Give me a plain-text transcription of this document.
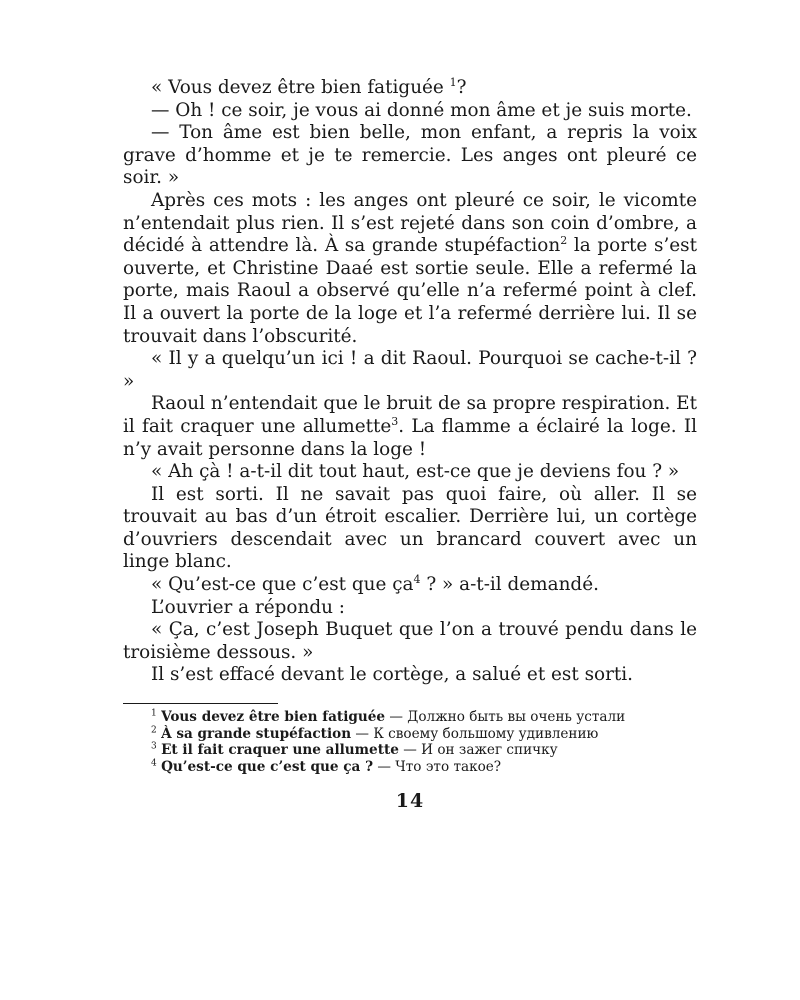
« Vous devez être bien fatiguée $^1$?

— Oh ! ce soir, je vous ai donné mon âme et je suis morte.

— Ton âme est bien belle, mon enfant, a repris la voix grave d’homme et je te remercie. Les anges ont pleuré ce soir. »

Après ces mots : les anges ont pleuré ce soir, le vicomte n’entendait plus rien. Il s’est rejeté dans son coin d’ombre, a décidé à attendre là. À sa grande stupéfaction$^2$ la porte s’est ouverte, et Christine Daaé est sortie seule. Elle a refermé la porte, mais Raoul a observé qu’elle n’a refermé point à clef. Il a ouvert la porte de la loge et l’a refermé derrière lui. Il se trouvait dans l’obscurité.

« Il y a quelqu’un ici ! a dit Raoul. Pourquoi se cache-t-il ? »

Raoul n’entendait que le bruit de sa propre respiration. Et il fait craquer une allumette$^3$. La flamme a éclairé la loge. Il n’y avait personne dans la loge !

« Ah çà ! a-t-il dit tout haut, est-ce que je deviens fou ? »

Il est sorti. Il ne savait pas quoi faire, où aller. Il se trouvait au bas d’un étroit escalier. Derrière lui, un cortège d’ouvriers descendait avec un brancard couvert avec un linge blanc.

« Qu’est-ce que c’est que $ça^4$ ? » a-t-il demandé.

L’ouvrier a répondu :

« Ça, c’est Joseph Buquet que l’on a trouvé pendu dans le troisième dessous. »

Il s’est effacé devant le cortège, a salué et est sorti.

$^1$ Vous devez être bien fatiguée — Должно быть вы очень устали

$^2$ À sa grande stupéfaction — К своему большому удивлению

$^3$ Et il fait craquer une allumette — И он зажег спичку

$^4$ Qu’est-ce que c’est que ça ? — Что это такое?

14
